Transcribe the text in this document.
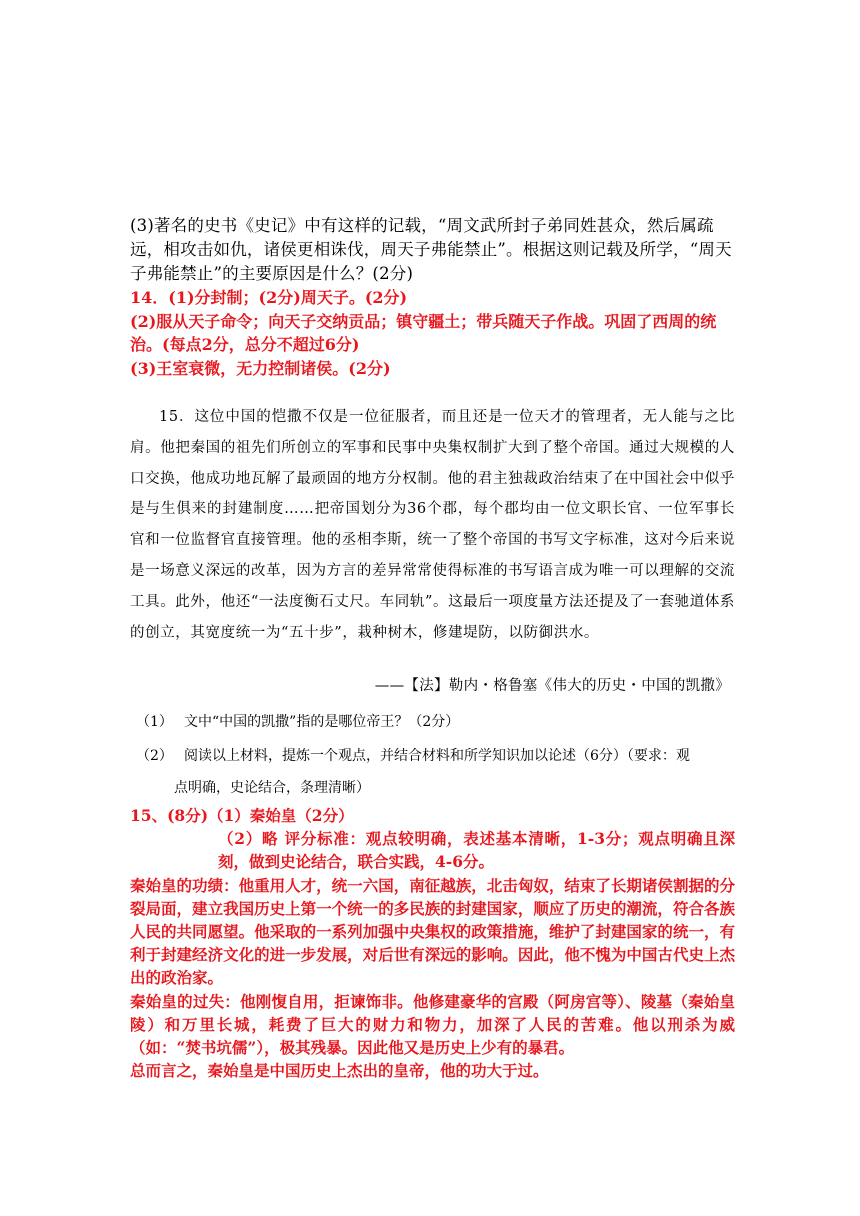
(3)著名的史书《史记》中有这样的记载，“周文武所封子弟同姓甚众，然后属疏远，相攻击如仇，诸侯更相诛伐，周天子弗能禁止”。根据这则记载及所学，“周天子弗能禁止”的主要原因是什么？(2分)
14．(1)分封制；(2分)周天子。(2分)
(2)服从天子命令；向天子交纳贡品；镇守疆土；带兵随天子作战。巩固了西周的统治。(每点2分，总分不超过6分)
(3)王室衰微，无力控制诸侯。(2分)
15．这位中国的恺撒不仅是一位征服者，而且还是一位天才的管理者，无人能与之比肩。他把秦国的祖先们所创立的军事和民事中央集权制扩大到了整个帝国。通过大规模的人口交换，他成功地瓦解了最顽固的地方分权制。他的君主独裁政治结束了在中国社会中似乎是与生俱来的封建制度……把帝国划分为36个郡，每个郡均由一位文职长官、一位军事长官和一位监督官直接管理。他的丞相李斯，统一了整个帝国的书写文字标准，这对今后来说是一场意义深远的改革，因为方言的差异常常使得标准的书写语言成为唯一可以理解的交流工具。此外，他还“一法度衡石丈尺。车同轨”。这最后一项度量方法还提及了一套驰道体系的创立，其宽度统一为“五十步”，栽种树木，修建堤防，以防御洪水。
——【法】勒内・格鲁塞《伟大的历史・中国的凯撒》
（1） 文中“中国的凯撒”指的是哪位帝王？（2分）
（2） 阅读以上材料，提炼一个观点，并结合材料和所学知识加以论述（6分）（要求：观
点明确，史论结合，条理清晰）

15、(8分)（1）秦始皇（2分）

（2）略 评分标准：观点较明确，表述基本清晰，1-3分；观点明确且深刻，做到史论结合，联合实践，4-6分。

秦始皇的功绩：他重用人才，统一六国，南征越族，北击匈奴，结束了长期诸侯割据的分裂局面，建立我国历史上第一个统一的多民族的封建国家，顺应了历史的潮流，符合各族人民的共同愿望。他采取的一系列加强中央集权的政策措施，维护了封建国家的统一，有利于封建经济文化的进一步发展，对后世有深远的影响。因此，他不愧为中国古代史上杰出的政治家。

秦始皇的过失：他刚愎自用，拒谏饰非。他修建豪华的宫殿（阿房宫等）、陵墓（秦始皇陵）和万里长城，耗费了巨大的财力和物力，加深了人民的苦难。他以刑杀为威（如：“焚书坑儒”），极其残暴。因此他又是历史上少有的暴君。

总而言之，秦始皇是中国历史上杰出的皇帝，他的功大于过。
